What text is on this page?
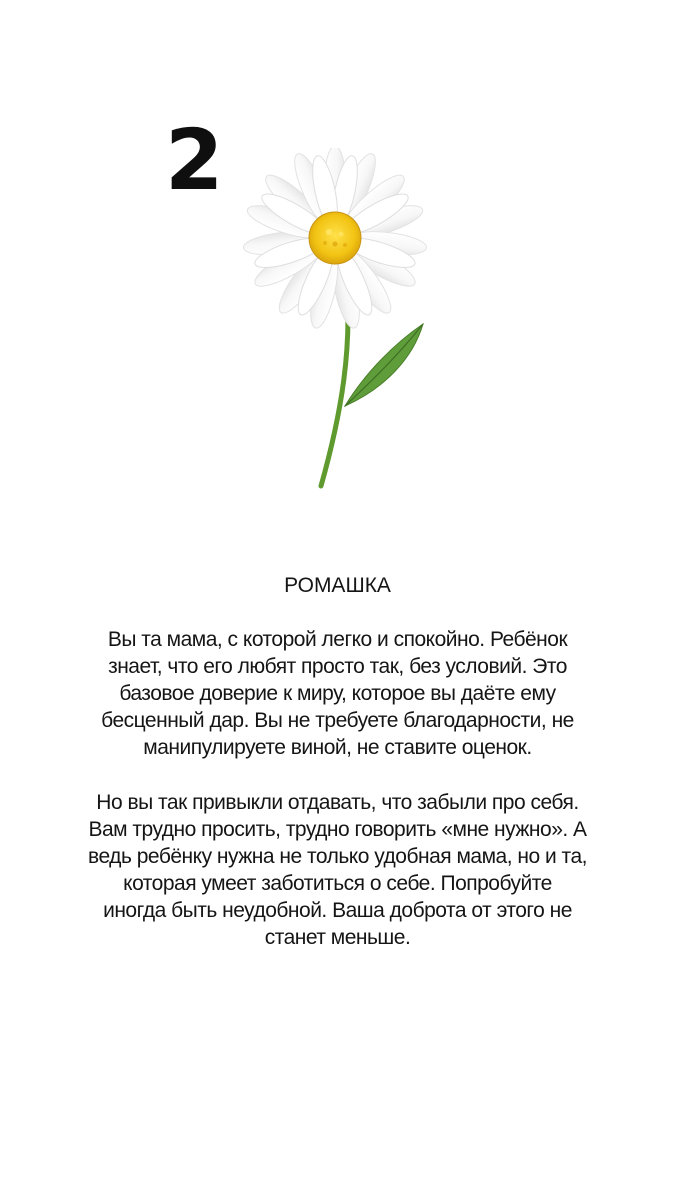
2
РОМАШКА
Вы та мама, с которой легко и спокойно. Ребёнок
знает, что его любят просто так, без условий. Это
базовое доверие к миру, которое вы даёте ему
бесценный дар. Вы не требуете благодарности, не
манипулируете виной, не ставите оценок.
Но вы так привыкли отдавать, что забыли про себя.
Вам трудно просить, трудно говорить «мне нужно». А
ведь ребёнку нужна не только удобная мама, но и та,
которая умеет заботиться о себе. Попробуйте
иногда быть неудобной. Ваша доброта от этого не
станет меньше.
